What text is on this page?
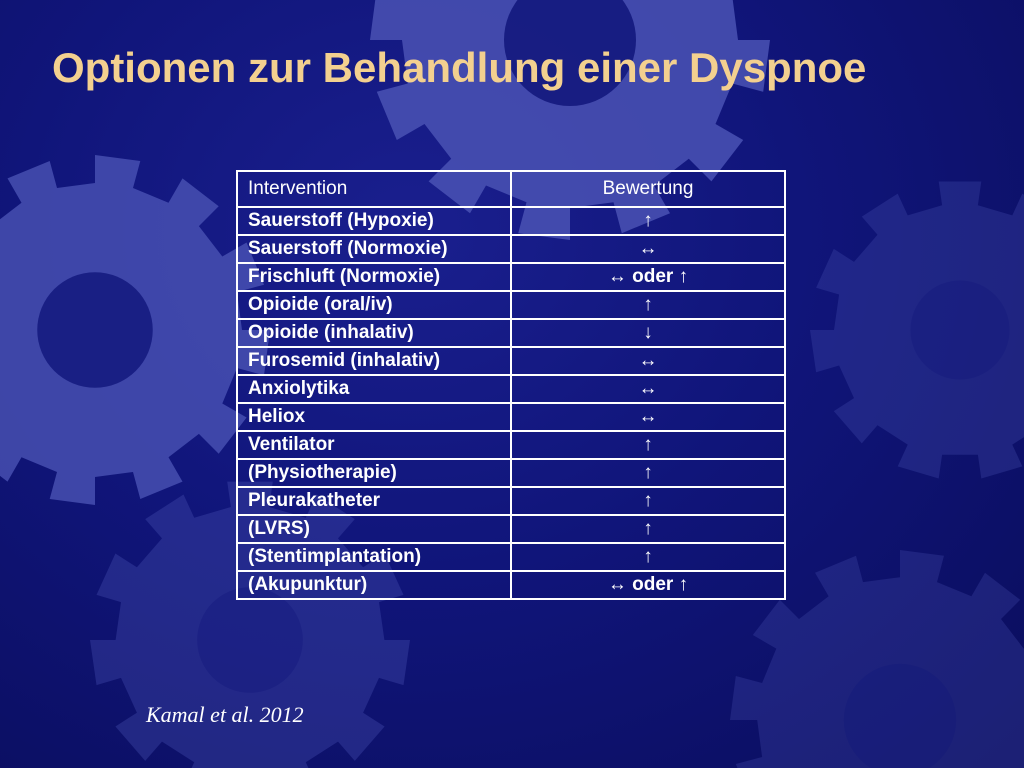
Optionen zur Behandlung einer Dyspnoe
Intervention	Bewertung
Sauerstoff (Hypoxie)	↑
Sauerstoff (Normoxie)	↔
Frischluft (Normoxie)	↔ oder ↑
Opioide (oral/iv)	↑
Opioide (inhalativ)	↓
Furosemid (inhalativ)	↔
Anxiolytika	↔
Heliox	↔
Ventilator	↑
(Physiotherapie)	↑
Pleurakatheter	↑
(LVRS)	↑
(Stentimplantation)	↑
(Akupunktur)	↔ oder ↑
Kamal et al. 2012
